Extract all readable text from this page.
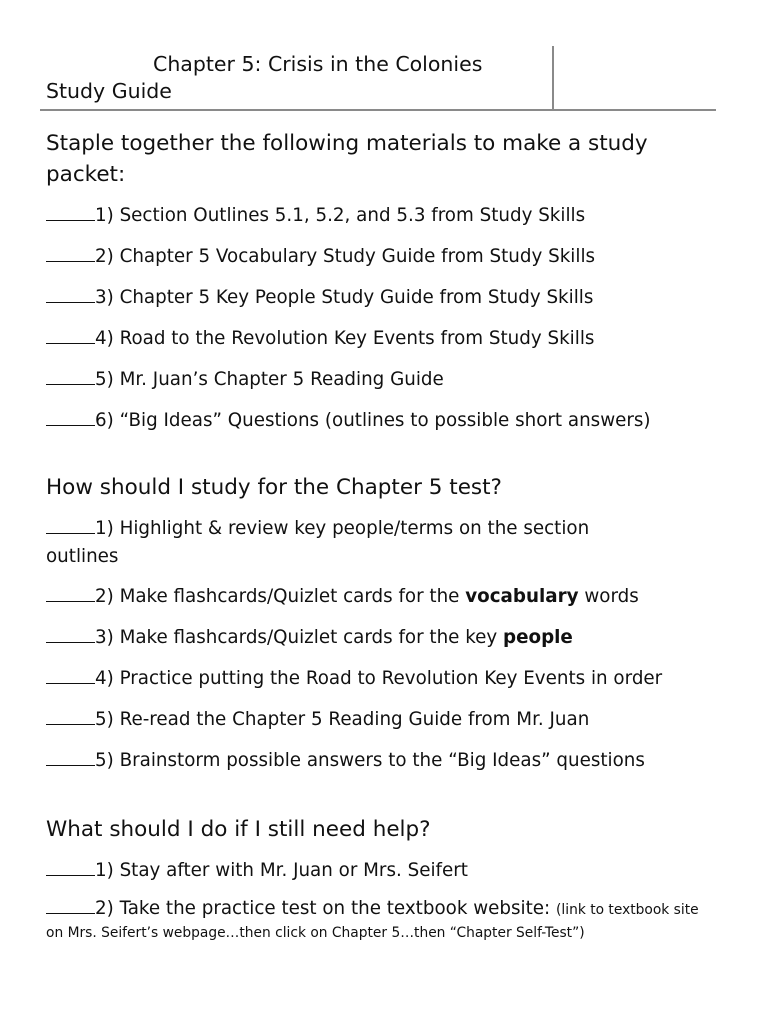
Chapter 5: Crisis in the Colonies
Study Guide

Staple together the following materials to make a study packet:

1) Section Outlines 5.1, 5.2, and 5.3 from Study Skills
2) Chapter 5 Vocabulary Study Guide from Study Skills
3) Chapter 5 Key People Study Guide from Study Skills
4) Road to the Revolution Key Events from Study Skills
5) Mr. Juan’s Chapter 5 Reading Guide
6) “Big Ideas” Questions (outlines to possible short answers)

How should I study for the Chapter 5 test?

1) Highlight & review key people/terms on the section outlines
2) Make flashcards/Quizlet cards for the vocabulary words
3) Make flashcards/Quizlet cards for the key people
4) Practice putting the Road to Revolution Key Events in order
5) Re-read the Chapter 5 Reading Guide from Mr. Juan
5) Brainstorm possible answers to the “Big Ideas” questions

What should I do if I still need help?

1) Stay after with Mr. Juan or Mrs. Seifert
2) Take the practice test on the textbook website: (link to textbook site on Mrs. Seifert’s webpage…then click on Chapter 5…then “Chapter Self-Test”)
